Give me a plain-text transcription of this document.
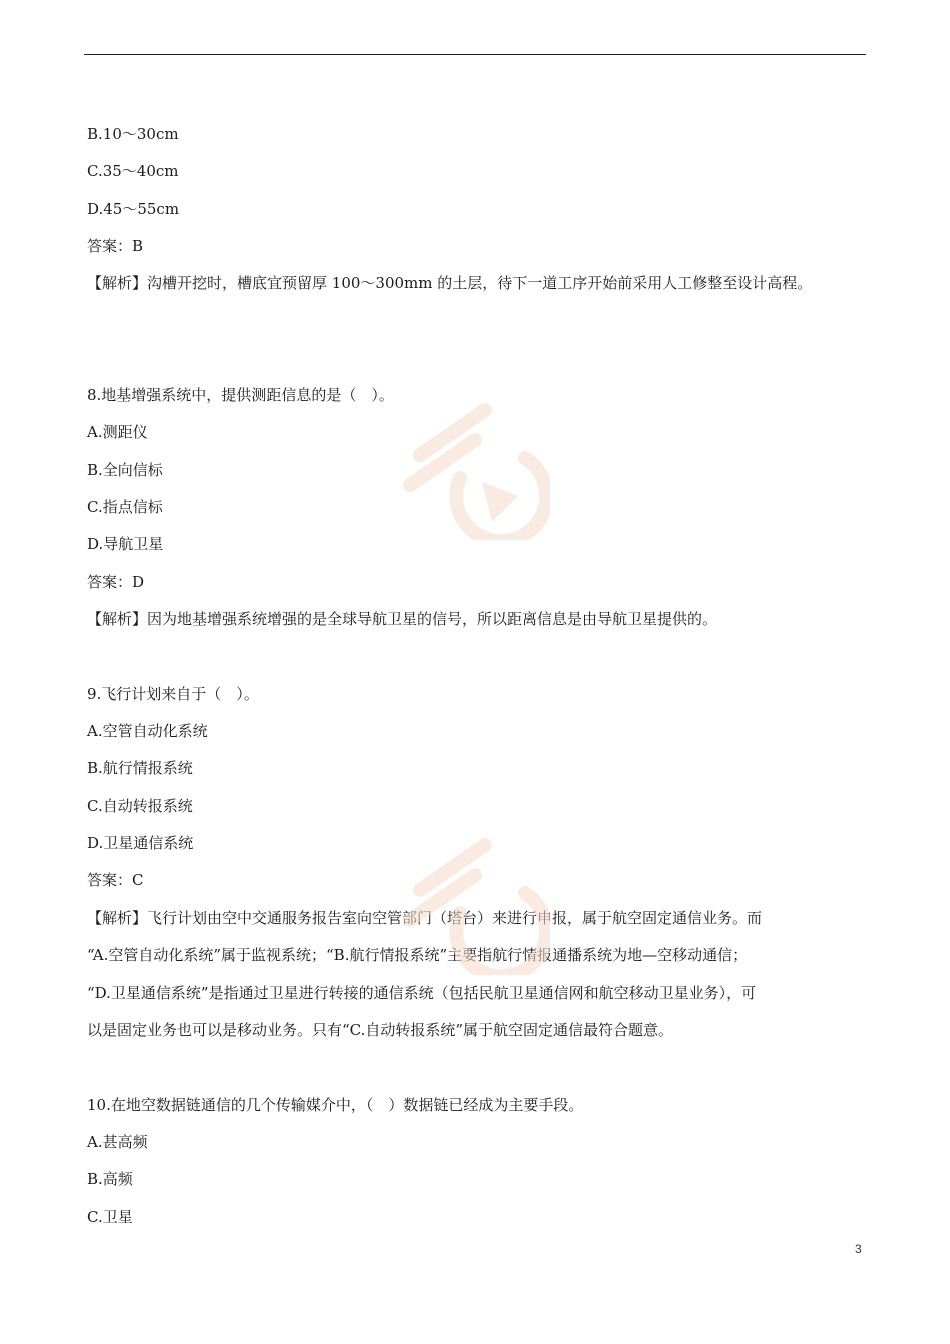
B.10～30cm
C.35～40cm
D.45～55cm
答案：B
【解析】沟槽开挖时，槽底宜预留厚 100～300mm 的土层，待下一道工序开始前采用人工修整至设计高程。
8.地基增强系统中，提供测距信息的是（　）。
A.测距仪
B.全向信标
C.指点信标
D.导航卫星
答案：D
【解析】因为地基增强系统增强的是全球导航卫星的信号，所以距离信息是由导航卫星提供的。
9.飞行计划来自于（　）。
A.空管自动化系统
B.航行情报系统
C.自动转报系统
D.卫星通信系统
答案：C
【解析】飞行计划由空中交通服务报告室向空管部门（塔台）来进行申报，属于航空固定通信业务。而
“A.空管自动化系统”属于监视系统；“B.航行情报系统”主要指航行情报通播系统为地—空移动通信；
“D.卫星通信系统”是指通过卫星进行转接的通信系统（包括民航卫星通信网和航空移动卫星业务），可
以是固定业务也可以是移动业务。只有“C.自动转报系统”属于航空固定通信最符合题意。
10.在地空数据链通信的几个传输媒介中，（　）数据链已经成为主要手段。
A.甚高频
B.高频
C.卫星
3
